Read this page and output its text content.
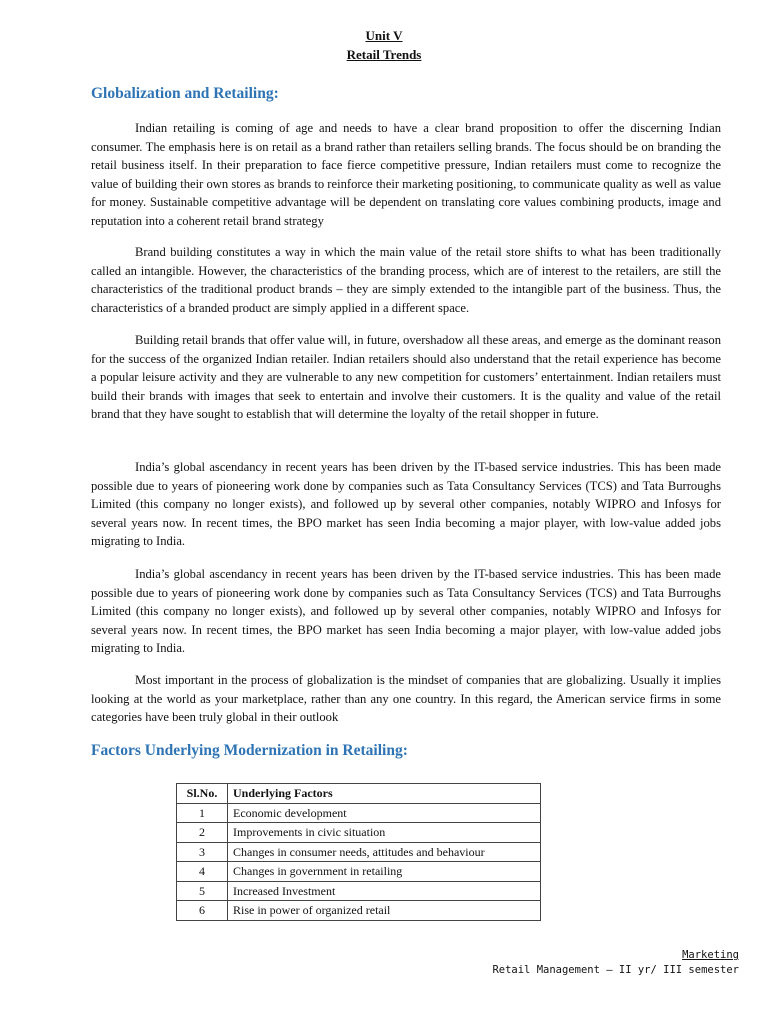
Unit V
Retail Trends
Globalization and Retailing:

Indian retailing is coming of age and needs to have a clear brand proposition to offer the discerning Indian consumer. The emphasis here is on retail as a brand rather than retailers selling brands. The focus should be on branding the retail business itself. In their preparation to face fierce competitive pressure, Indian retailers must come to recognize the value of building their own stores as brands to reinforce their marketing positioning, to communicate quality as well as value for money. Sustainable competitive advantage will be dependent on translating core values combining products, image and reputation into a coherent retail brand strategy

Brand building constitutes a way in which the main value of the retail store shifts to what has been traditionally called an intangible. However, the characteristics of the branding process, which are of interest to the retailers, are still the characteristics of the traditional product brands – they are simply extended to the intangible part of the business. Thus, the characteristics of a branded product are simply applied in a different space.

Building retail brands that offer value will, in future, overshadow all these areas, and emerge as the dominant reason for the success of the organized Indian retailer. Indian retailers should also understand that the retail experience has become a popular leisure activity and they are vulnerable to any new competition for customers’ entertainment. Indian retailers must build their brands with images that seek to entertain and involve their customers. It is the quality and value of the retail brand that they have sought to establish that will determine the loyalty of the retail shopper in future.

India’s global ascendancy in recent years has been driven by the IT-based service industries. This has been made possible due to years of pioneering work done by companies such as Tata Consultancy Services (TCS) and Tata Burroughs Limited (this company no longer exists), and followed up by several other companies, notably WIPRO and Infosys for several years now. In recent times, the BPO market has seen India becoming a major player, with low-value added jobs migrating to India.

India’s global ascendancy in recent years has been driven by the IT-based service industries. This has been made possible due to years of pioneering work done by companies such as Tata Consultancy Services (TCS) and Tata Burroughs Limited (this company no longer exists), and followed up by several other companies, notably WIPRO and Infosys for several years now. In recent times, the BPO market has seen India becoming a major player, with low-value added jobs migrating to India.

Most important in the process of globalization is the mindset of companies that are globalizing. Usually it implies looking at the world as your marketplace, rather than any one country. In this regard, the American service firms in some categories have been truly global in their outlook

Factors Underlying Modernization in Retailing:
Sl.No.	Underlying Factors
1	Economic development
2	Improvements in civic situation
3	Changes in consumer needs, attitudes and behaviour
4	Changes in government in retailing
5	Increased Investment
6	Rise in power of organized retail
Marketing
Retail Management – II yr/ III semester
